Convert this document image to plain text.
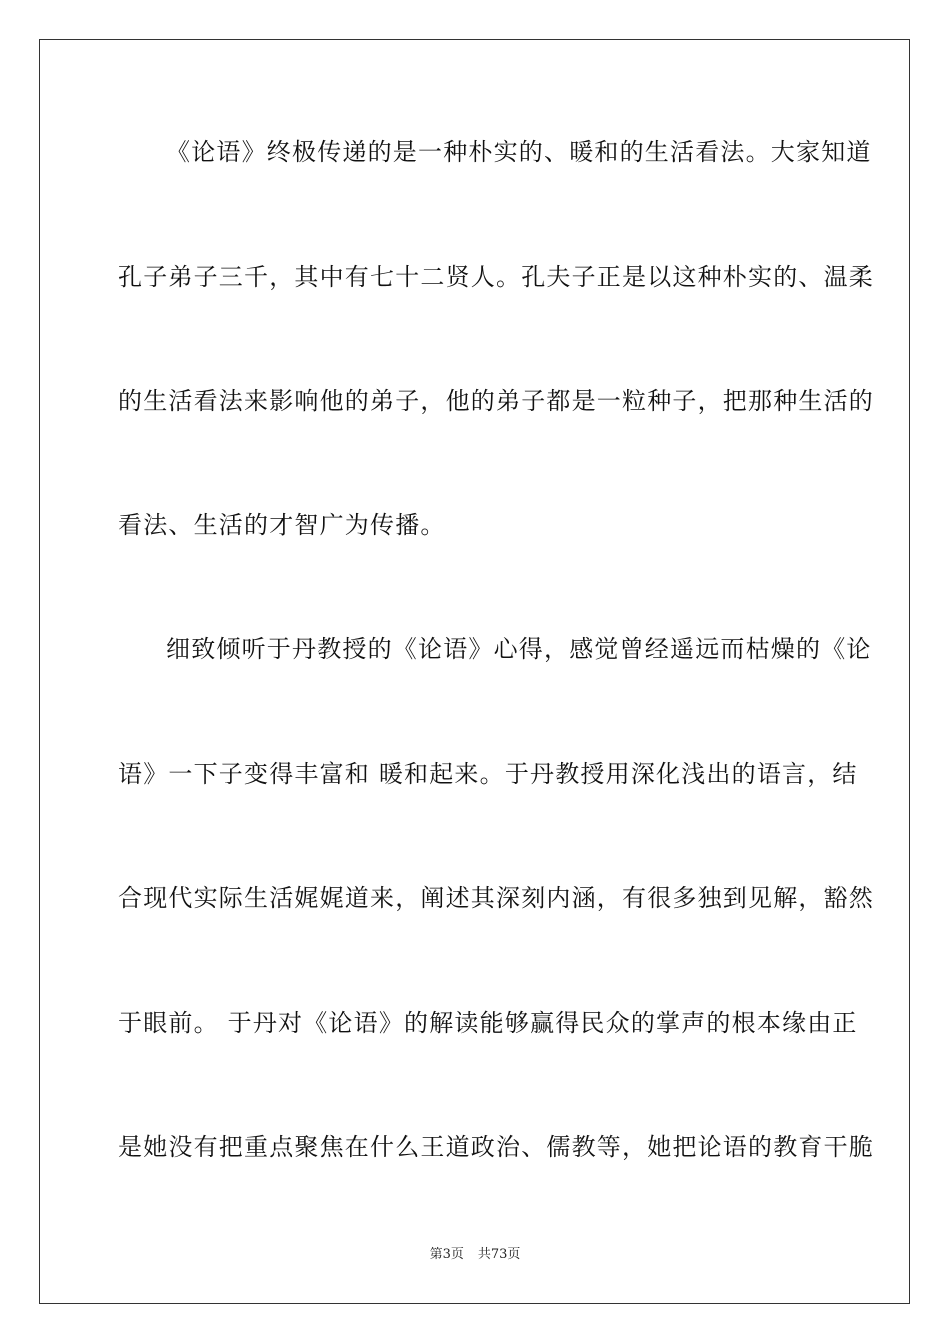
《论语》终极传递的是一种朴实的、暖和的生活看法。大家知道
孔子弟子三千，其中有七十二贤人。孔夫子正是以这种朴实的、温柔
的生活看法来影响他的弟子，他的弟子都是一粒种子，把那种生活的
看法、生活的才智广为传播。
细致倾听于丹教授的《论语》心得，感觉曾经遥远而枯燥的《论
语》一下子变得丰富和 暖和起来。于丹教授用深化浅出的语言，结
合现代实际生活娓娓道来，阐述其深刻内涵，有很多独到见解，豁然
于眼前。 于丹对《论语》的解读能够赢得民众的掌声的根本缘由正
是她没有把重点聚焦在什么王道政治、儒教等，她把论语的教育干脆
第3页 共73页
